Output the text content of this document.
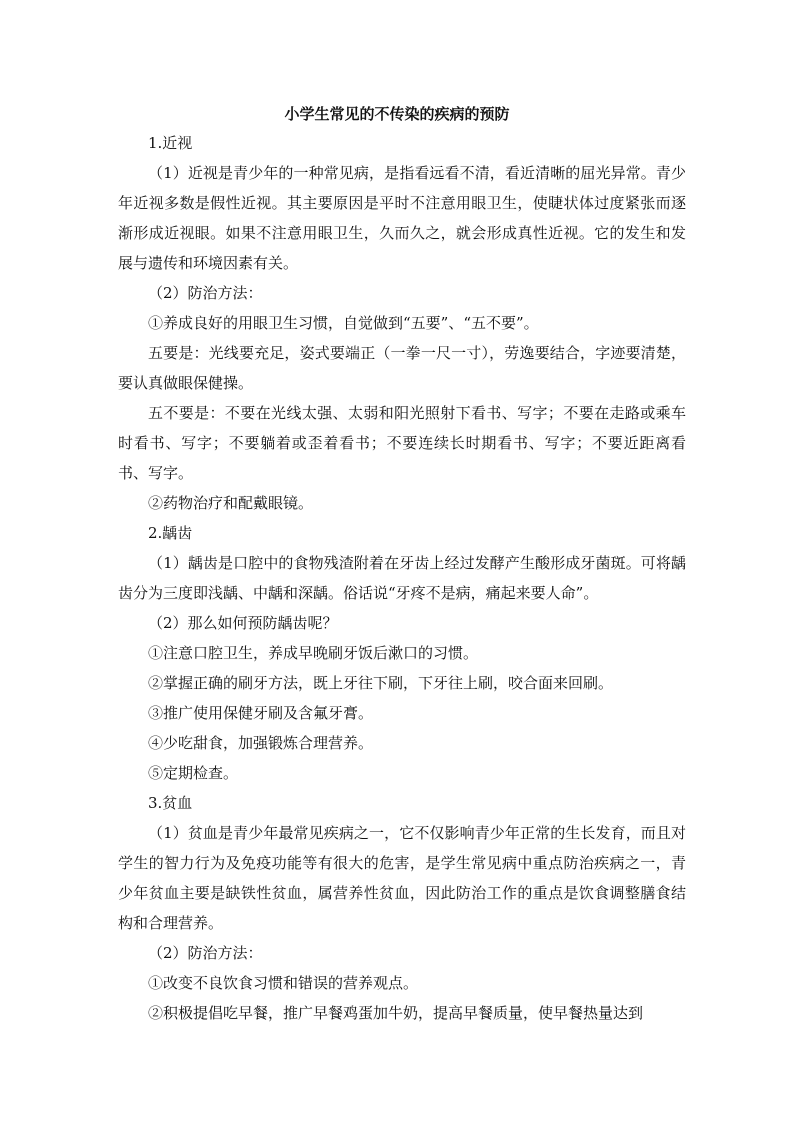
小学生常见的不传染的疾病的预防

1.近视

（1）近视是青少年的一种常见病，是指看远看不清，看近清晰的屈光异常。青少年近视多数是假性近视。其主要原因是平时不注意用眼卫生，使睫状体过度紧张而逐渐形成近视眼。如果不注意用眼卫生，久而久之，就会形成真性近视。它的发生和发展与遗传和环境因素有关。

（2）防治方法：

①养成良好的用眼卫生习惯，自觉做到“五要”、“五不要”。

五要是：光线要充足，姿式要端正（一拳一尺一寸），劳逸要结合，字迹要清楚，要认真做眼保健操。

五不要是：不要在光线太强、太弱和阳光照射下看书、写字；不要在走路或乘车时看书、写字；不要躺着或歪着看书；不要连续长时期看书、写字；不要近距离看书、写字。

②药物治疗和配戴眼镜。

2.龋齿

（1）龋齿是口腔中的食物残渣附着在牙齿上经过发酵产生酸形成牙菌斑。可将龋齿分为三度即浅龋、中龋和深龋。俗话说“牙疼不是病，痛起来要人命”。

（2）那么如何预防龋齿呢？

①注意口腔卫生，养成早晚刷牙饭后漱口的习惯。

②掌握正确的刷牙方法，既上牙往下刷，下牙往上刷，咬合面来回刷。

③推广使用保健牙刷及含氟牙膏。

④少吃甜食，加强锻炼合理营养。

⑤定期检查。

3.贫血

（1）贫血是青少年最常见疾病之一，它不仅影响青少年正常的生长发育，而且对学生的智力行为及免疫功能等有很大的危害，是学生常见病中重点防治疾病之一，青少年贫血主要是缺铁性贫血，属营养性贫血，因此防治工作的重点是饮食调整膳食结构和合理营养。

（2）防治方法：

①改变不良饮食习惯和错误的营养观点。

②积极提倡吃早餐，推广早餐鸡蛋加牛奶，提高早餐质量，使早餐热量达到
